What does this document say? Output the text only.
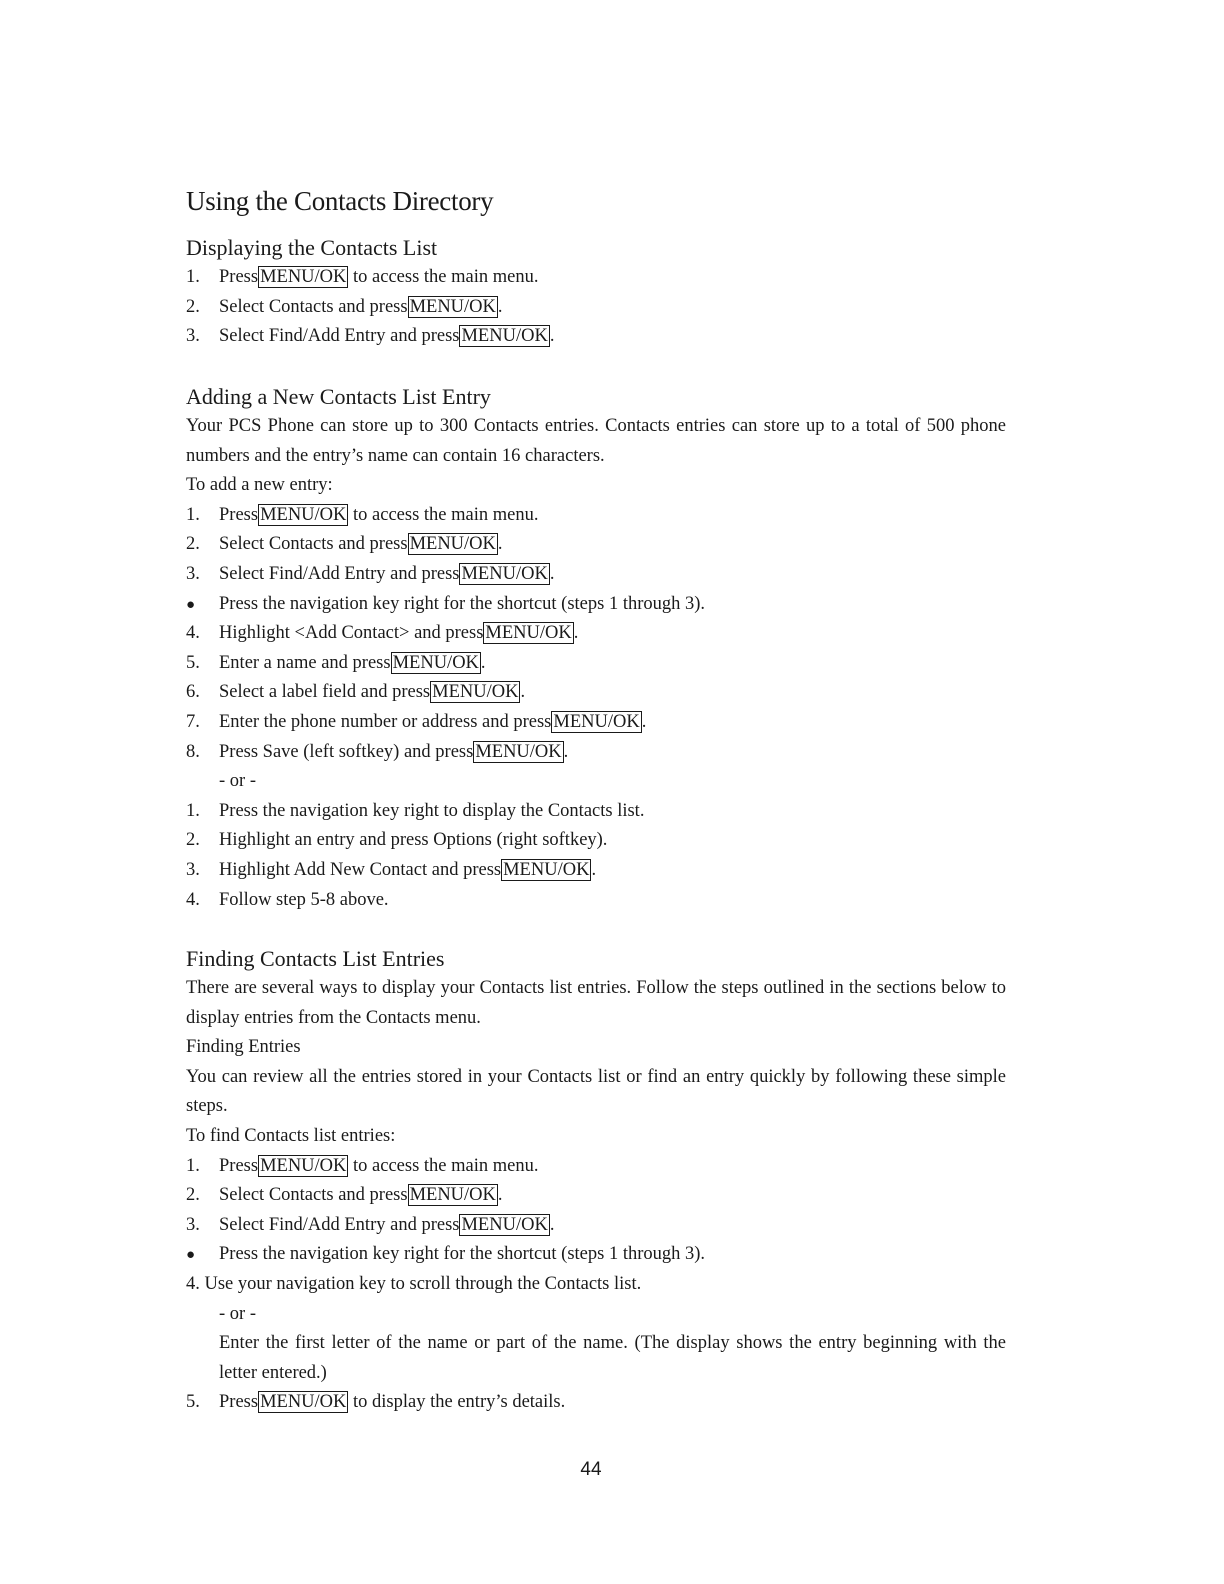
Using the Contacts Directory
Displaying the Contacts List
1. Press MENU/OK to access the main menu.
2. Select Contacts and press MENU/OK .
3. Select Find/Add Entry and press MENU/OK .
Adding a New Contacts List Entry
Your PCS Phone can store up to 300 Contacts entries. Contacts entries can store up to a total of 500 phone numbers and the entry’s name can contain 16 characters.
To add a new entry:
1. Press MENU/OK to access the main menu.
2. Select Contacts and press MENU/OK .
3. Select Find/Add Entry and press MENU/OK .
● Press the navigation key right for the shortcut (steps 1 through 3).
4. Highlight <Add Contact> and press MENU/OK .
5. Enter a name and press MENU/OK .
6. Select a label field and press MENU/OK .
7. Enter the phone number or address and press MENU/OK .
8. Press Save (left softkey) and press MENU/OK .
- or -
1. Press the navigation key right to display the Contacts list.
2. Highlight an entry and press Options (right softkey).
3. Highlight Add New Contact and press MENU/OK .
4. Follow step 5-8 above.
Finding Contacts List Entries
There are several ways to display your Contacts list entries. Follow the steps outlined in the sections below to display entries from the Contacts menu.
Finding Entries
You can review all the entries stored in your Contacts list or find an entry quickly by following these simple steps.
To find Contacts list entries:
1. Press MENU/OK to access the main menu.
2. Select Contacts and press MENU/OK .
3. Select Find/Add Entry and press MENU/OK .
● Press the navigation key right for the shortcut (steps 1 through 3).
4. Use your navigation key to scroll through the Contacts list.
- or -
Enter the first letter of the name or part of the name. (The display shows the entry beginning with the letter entered.)
5. Press MENU/OK to display the entry’s details.
44
